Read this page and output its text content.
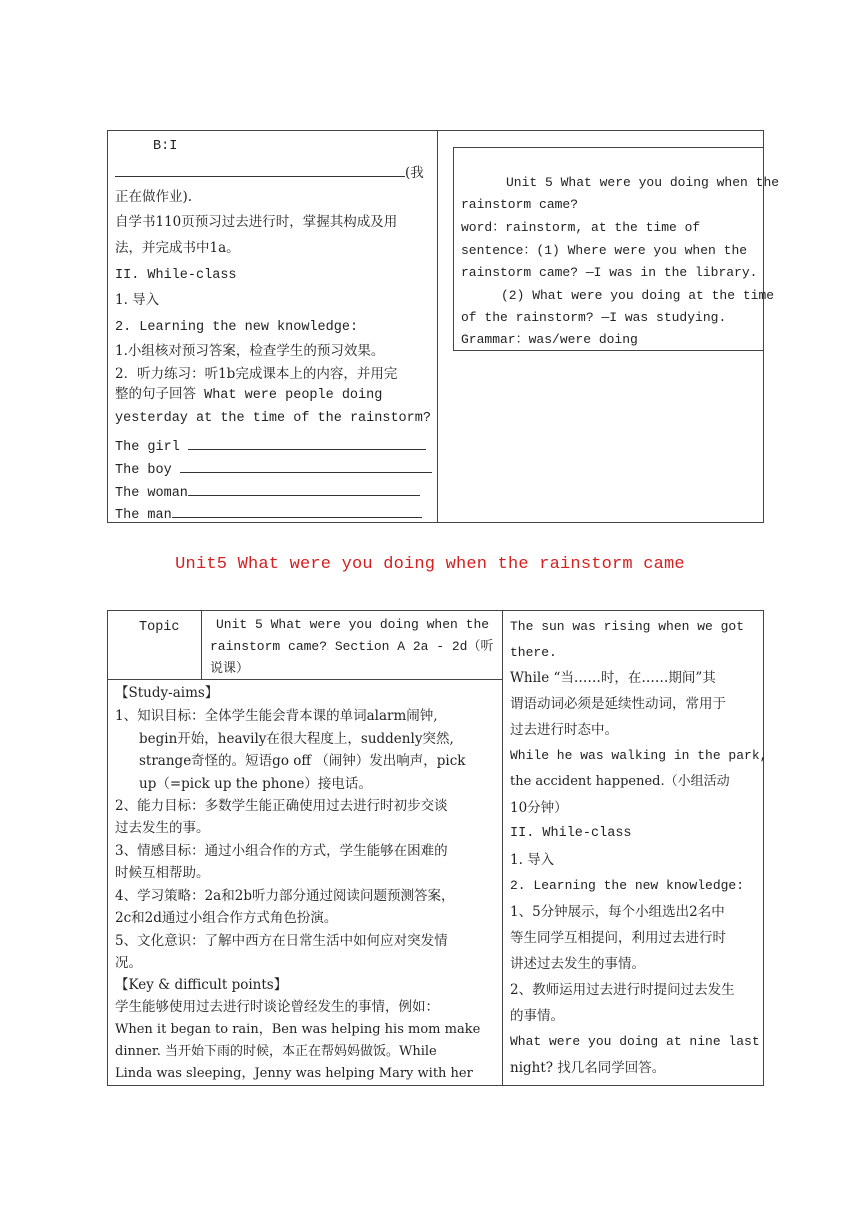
B:I
(我
正在做作业).
自学书110页预习过去进行时，掌握其构成及用
法，并完成书中1a。
II. While-class
1. 导入
2. Learning the new knowledge:
1.小组核对预习答案，检查学生的预习效果。
2．听力练习：听1b完成课本上的内容，并用完
整的句子回答 What were people doing
yesterday at the time of the rainstorm?
The girl
The boy
The woman
The man
Unit 5 What were you doing when the
rainstorm came?
word：rainstorm, at the time of
sentence：(1) Where were you when the
rainstorm came? —I was in the library.
(2) What were you doing at the time
of the rainstorm? —I was studying.
Grammar：was/were doing
Unit5 What were you doing when the rainstorm came
Topic	Unit 5 What were you doing when the
rainstorm came? Section A 2a - 2d（听
说课）
【Study-aims】
1、知识目标：全体学生能会背本课的单词alarm闹钟,
begin开始，heavily在很大程度上，suddenly突然,
strange奇怪的。短语go off （闹钟）发出响声，pick
up（=pick up the phone）接电话。
2、能力目标：多数学生能正确使用过去进行时初步交谈
过去发生的事。
3、情感目标：通过小组合作的方式，学生能够在困难的
时候互相帮助。
4、学习策略：2a和2b听力部分通过阅读问题预测答案，
2c和2d通过小组合作方式角色扮演。
5、文化意识：了解中西方在日常生活中如何应对突发情
况。
【Key & difficult points】
学生能够使用过去进行时谈论曾经发生的事情，例如：
When it began to rain，Ben was helping his mom make
dinner. 当开始下雨的时候，本正在帮妈妈做饭。While
Linda was sleeping，Jenny was helping Mary with her
The sun was rising when we got
there.
While “当……时，在……期间”其
谓语动词必须是延续性动词，常用于
过去进行时态中。
While he was walking in the park,
the accident happened.（小组活动
10分钟）
II. While-class
1. 导入
2. Learning the new knowledge:
1、5分钟展示，每个小组选出2名中
等生同学互相提问，利用过去进行时
讲述过去发生的事情。
2、教师运用过去进行时提问过去发生
的事情。
What were you doing at nine last
night? 找几名同学回答。
